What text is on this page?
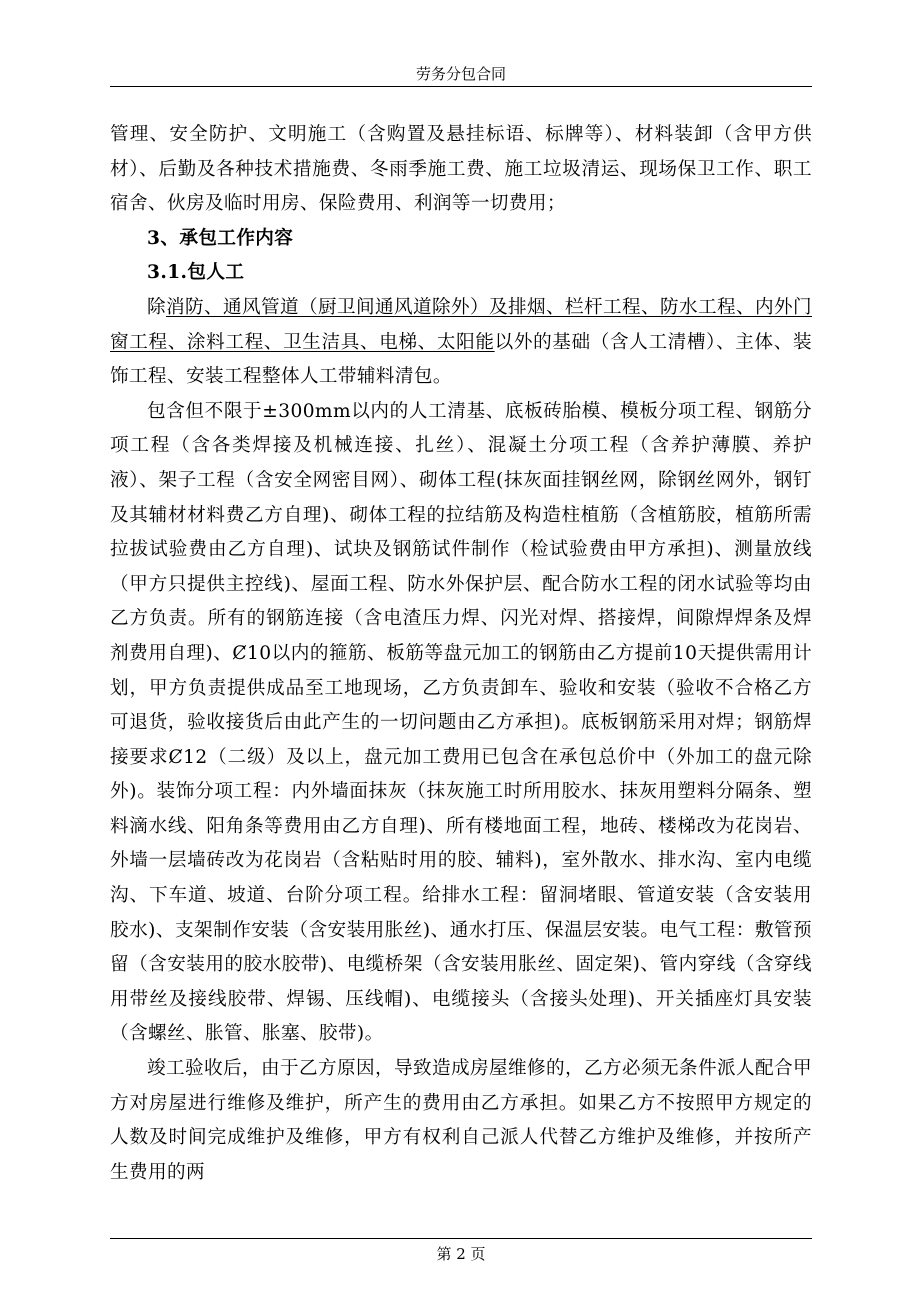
劳务分包合同

管理、安全防护、文明施工（含购置及悬挂标语、标牌等）、材料装卸（含甲方供材）、后勤及各种技术措施费、冬雨季施工费、施工垃圾清运、现场保卫工作、职工宿舍、伙房及临时用房、保险费用、利润等一切费用；

3、承包工作内容

3.1.包人工

除消防、通风管道（厨卫间通风道除外）及排烟、栏杆工程、防水工程、内外门窗工程、涂料工程、卫生洁具、电梯、太阳能以外的基础（含人工清槽）、主体、装饰工程、安装工程整体人工带辅料清包。

包含但不限于±300mm以内的人工清基、底板砖胎模、模板分项工程、钢筋分项工程（含各类焊接及机械连接、扎丝）、混凝土分项工程（含养护薄膜、养护液）、架子工程（含安全网密目网）、砌体工程(抹灰面挂钢丝网，除钢丝网外，钢钉及其辅材材料费乙方自理)、砌体工程的拉结筋及构造柱植筋（含植筋胶，植筋所需拉拔试验费由乙方自理)、试块及钢筋试件制作（检试验费由甲方承担)、测量放线（甲方只提供主控线)、屋面工程、防水外保护层、配合防水工程的闭水试验等均由乙方负责。所有的钢筋连接（含电渣压力焊、闪光对焊、搭接焊，间隙焊焊条及焊剂费用自理)、Ȼ10以内的箍筋、板筋等盘元加工的钢筋由乙方提前10天提供需用计划，甲方负责提供成品至工地现场，乙方负责卸车、验收和安装（验收不合格乙方可退货，验收接货后由此产生的一切问题由乙方承担)。底板钢筋采用对焊；钢筋焊接要求Ȼ12（二级）及以上，盘元加工费用已包含在承包总价中（外加工的盘元除外)。装饰分项工程：内外墙面抹灰（抹灰施工时所用胶水、抹灰用塑料分隔条、塑料滴水线、阳角条等费用由乙方自理)、所有楼地面工程，地砖、楼梯改为花岗岩、外墙一层墙砖改为花岗岩（含粘贴时用的胶、辅料)，室外散水、排水沟、室内电缆沟、下车道、坡道、台阶分项工程。给排水工程：留洞堵眼、管道安装（含安装用胶水)、支架制作安装（含安装用胀丝)、通水打压、保温层安装。电气工程：敷管预留（含安装用的胶水胶带)、电缆桥架（含安装用胀丝、固定架)、管内穿线（含穿线用带丝及接线胶带、焊锡、压线帽)、电缆接头（含接头处理)、开关插座灯具安装（含螺丝、胀管、胀塞、胶带)。

竣工验收后，由于乙方原因，导致造成房屋维修的，乙方必须无条件派人配合甲方对房屋进行维修及维护，所产生的费用由乙方承担。如果乙方不按照甲方规定的人数及时间完成维护及维修，甲方有权利自己派人代替乙方维护及维修，并按所产生费用的两

第 2 页
